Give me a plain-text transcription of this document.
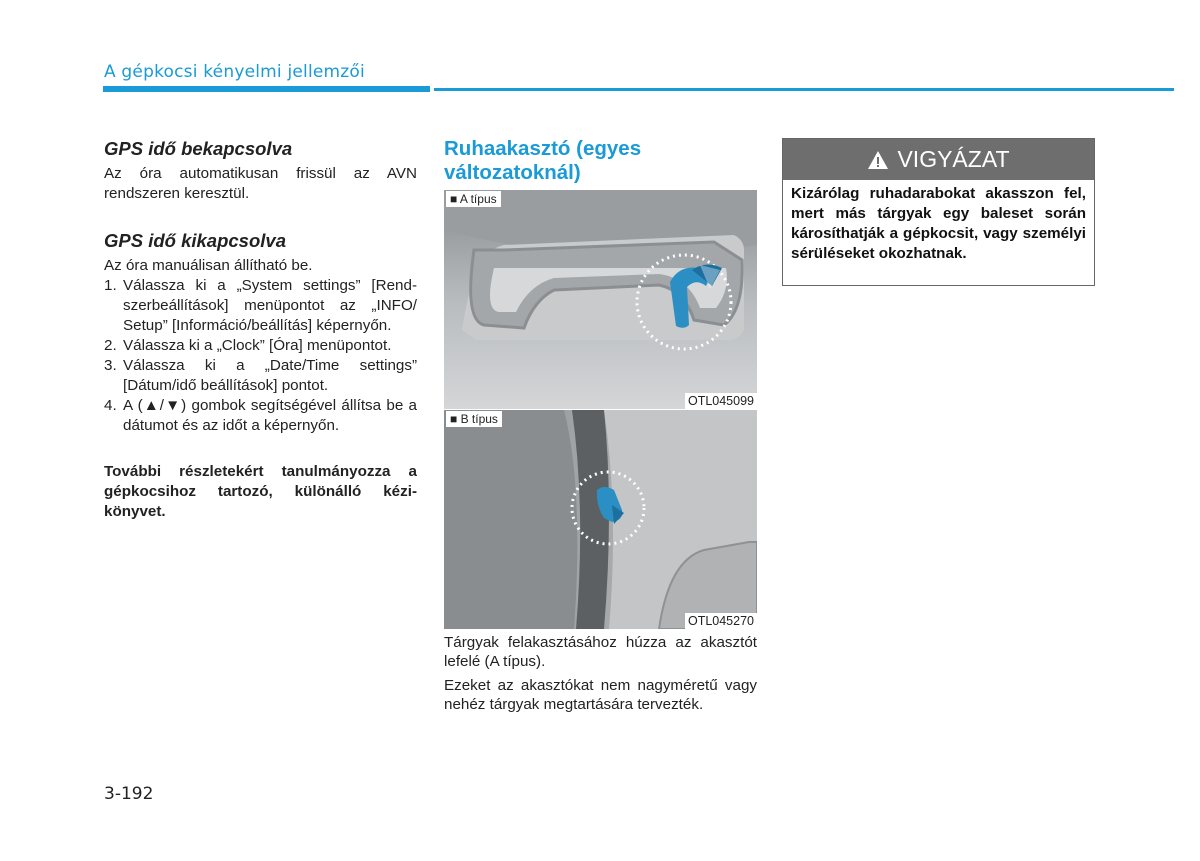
A gépkocsi kényelmi jellemzői
GPS idő bekapcsolva

Az óra automatikusan frissül az AVN rendszeren keresztül.

GPS idő kikapcsolva

Az óra manuálisan állítható be.

1. Válassza ki a „System settings” [Rendszerbeállítások] menüpontot az „INFO/ Setup” [Információ/beállítás] képernyőn.
2. Válassza ki a „Clock” [Óra] menüpontot.
3. Válassza ki a „Date/Time settings” [Dátum/idő beállítások] pontot.
4. A (▲/▼) gombok segítségével állítsa be a dátumot és az időt a képernyőn.

További részletekért tanulmányozza a gépkocsihoz tartozó, különálló kézikönyvet.

Ruhaakasztó (egyes változatoknál)
■ A típus
OTL045099
■ B típus
OTL045270

Tárgyak felakasztásához húzza az akasztót lefelé (A típus).

Ezeket az akasztókat nem nagyméretű vagy nehéz tárgyak megtartására tervezték.

VIGYÁZAT
Kizárólag ruhadarabokat akasszon fel, mert más tárgyak egy baleset során károsíthatják a gépkocsit, vagy személyi sérüléseket okozhatnak.
3-192
